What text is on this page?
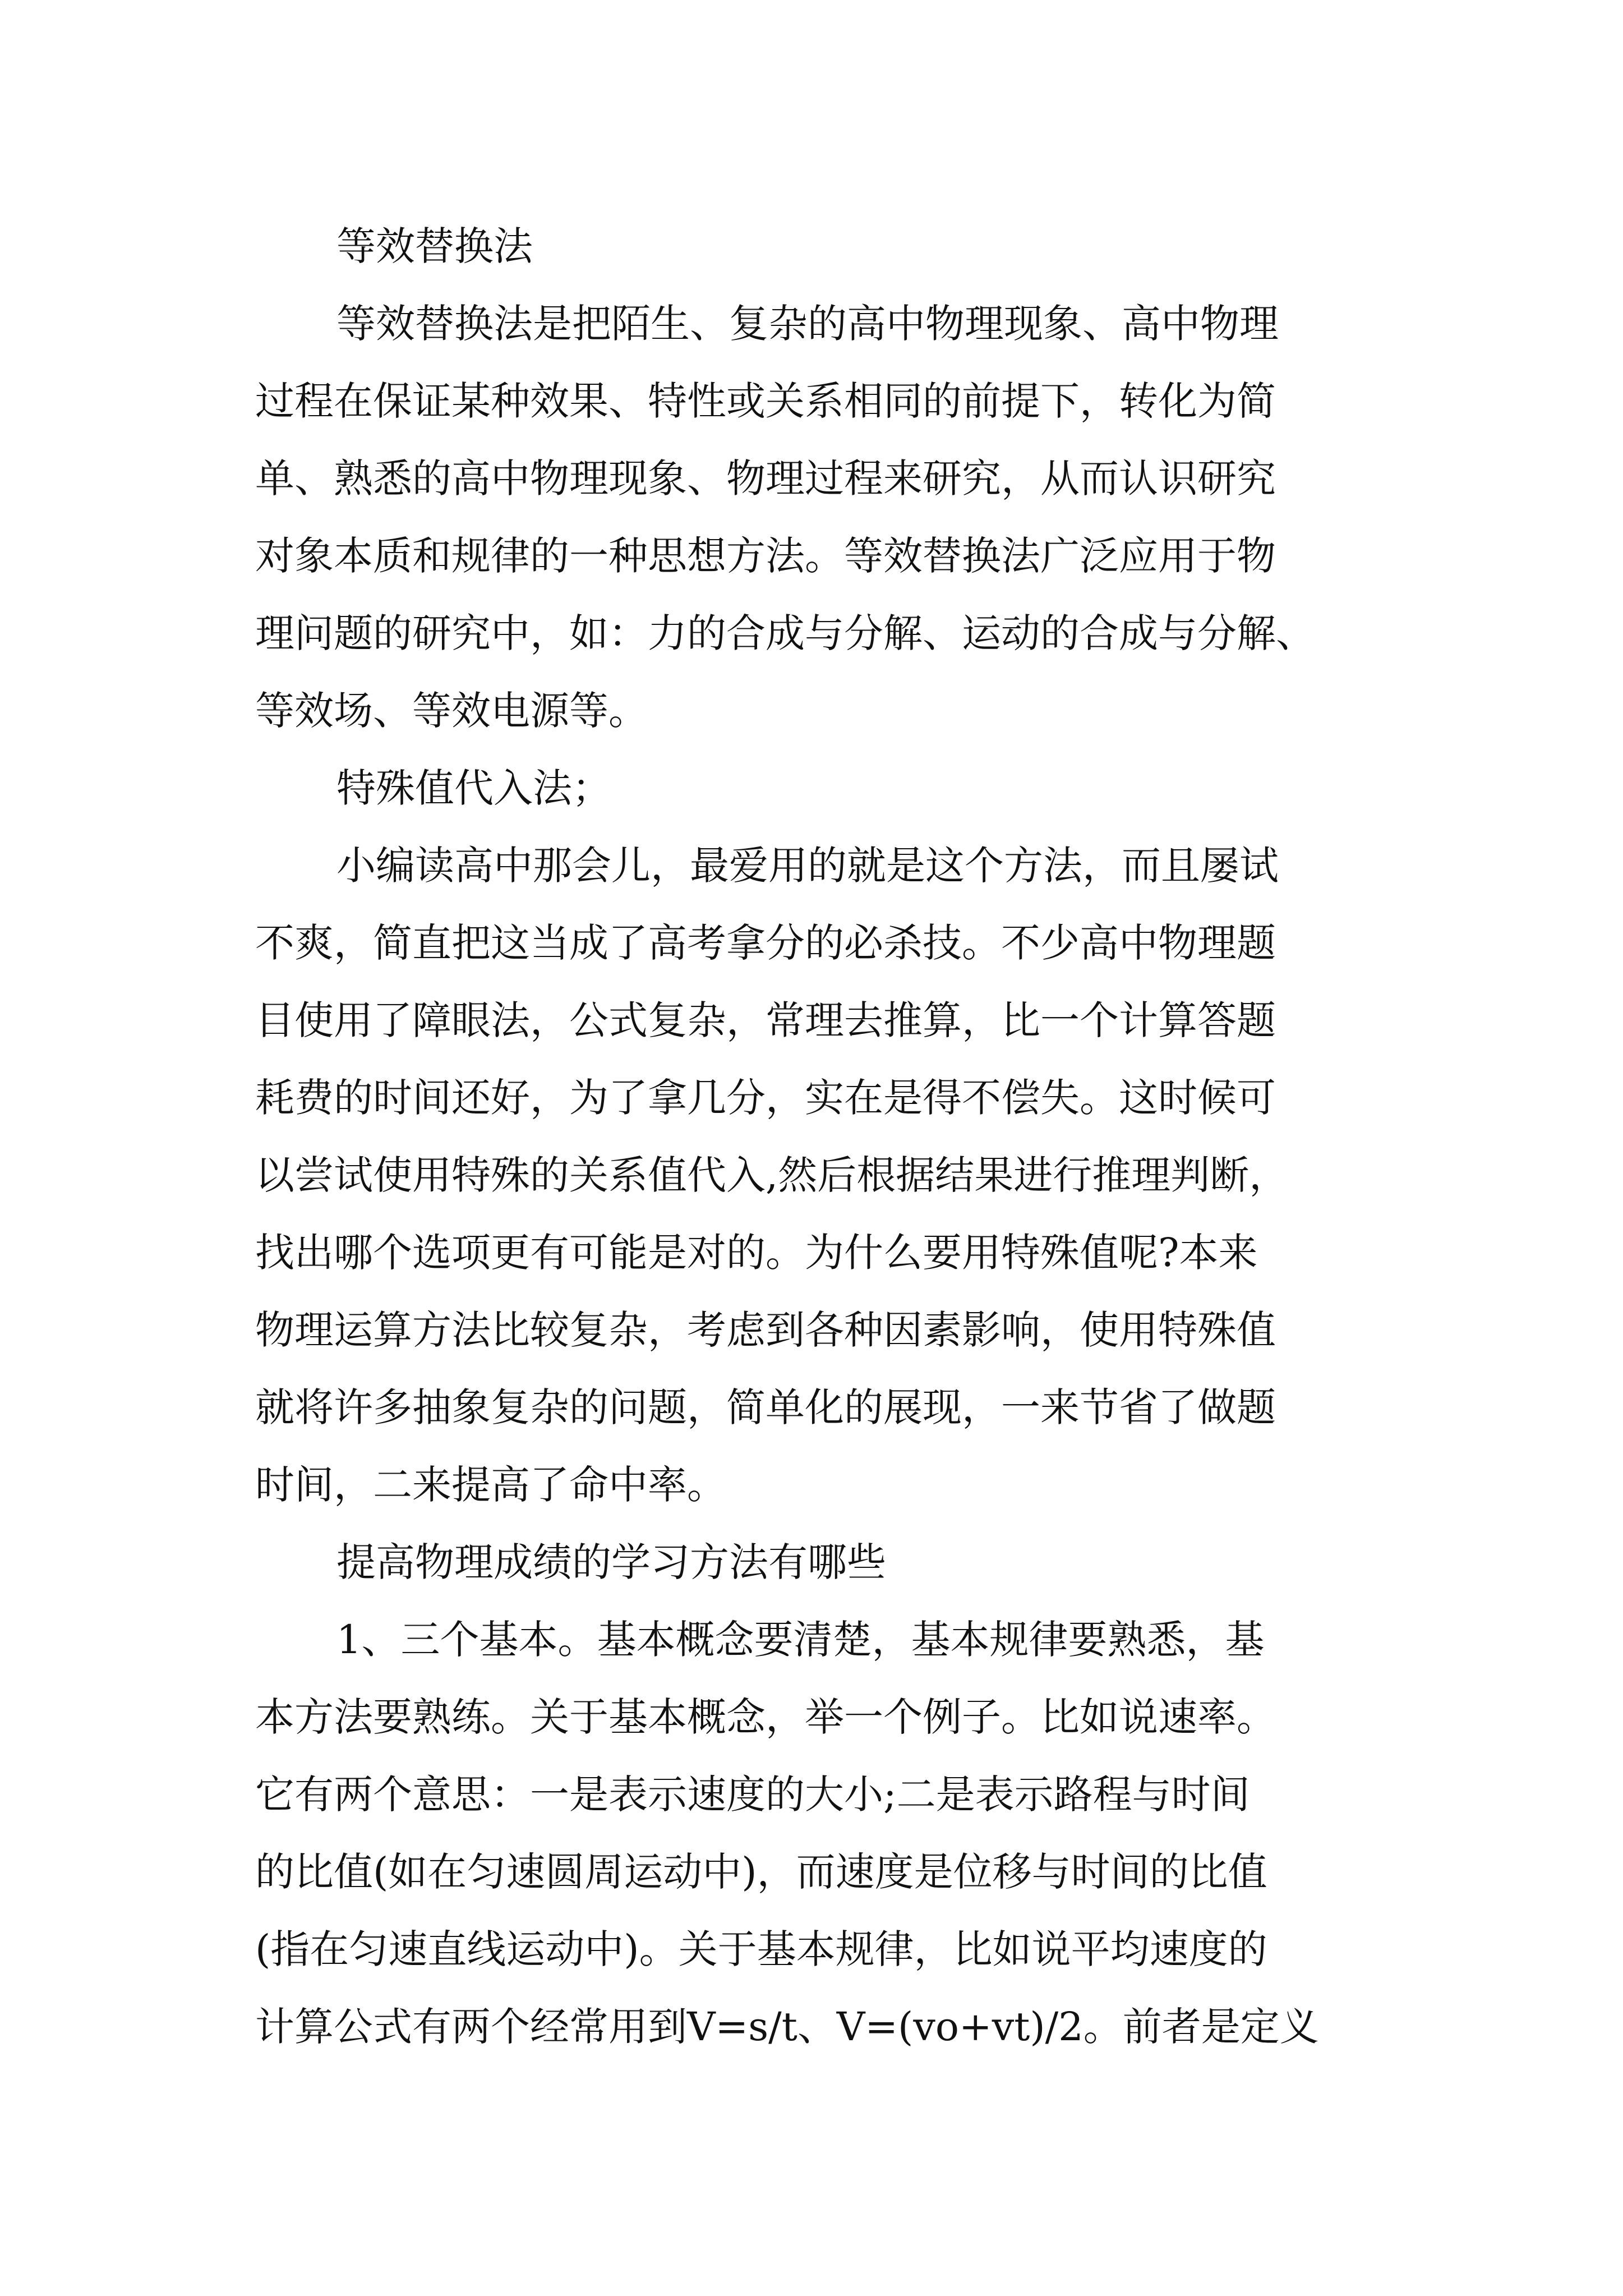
等效替换法
等效替换法是把陌生、复杂的高中物理现象、高中物理
过程在保证某种效果、特性或关系相同的前提下，转化为简
单、熟悉的高中物理现象、物理过程来研究，从而认识研究
对象本质和规律的一种思想方法。等效替换法广泛应用于物
理问题的研究中，如：力的合成与分解、运动的合成与分解、
等效场、等效电源等。
特殊值代入法；
小编读高中那会儿，最爱用的就是这个方法，而且屡试
不爽，简直把这当成了高考拿分的必杀技。不少高中物理题
目使用了障眼法，公式复杂，常理去推算，比一个计算答题
耗费的时间还好，为了拿几分，实在是得不偿失。这时候可
以尝试使用特殊的关系值代入,然后根据结果进行推理判断，
找出哪个选项更有可能是对的。为什么要用特殊值呢?本来
物理运算方法比较复杂，考虑到各种因素影响，使用特殊值
就将许多抽象复杂的问题，简单化的展现，一来节省了做题
时间，二来提高了命中率。
提高物理成绩的学习方法有哪些
1、三个基本。基本概念要清楚，基本规律要熟悉，基
本方法要熟练。关于基本概念，举一个例子。比如说速率。
它有两个意思：一是表示速度的大小;二是表示路程与时间
的比值(如在匀速圆周运动中)，而速度是位移与时间的比值
(指在匀速直线运动中)。关于基本规律，比如说平均速度的
计算公式有两个经常用到V=s/t、V=(vo+vt)/2。前者是定义
